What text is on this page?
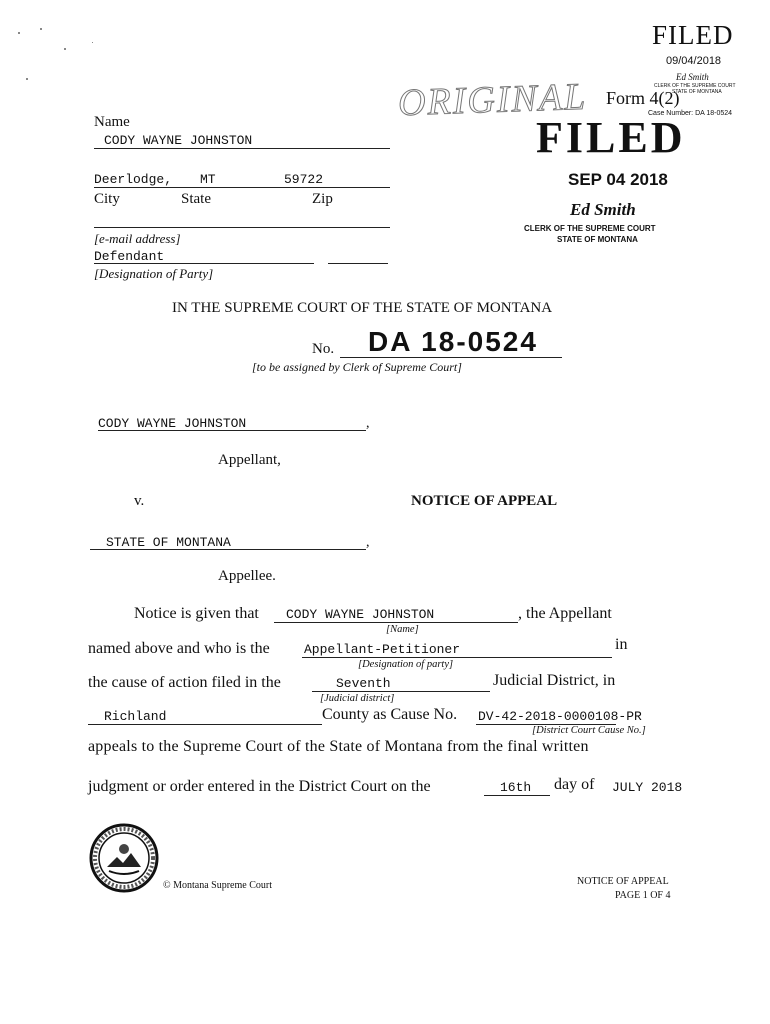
FILED
09/04/2018
Ed Smith
CLERK OF THE SUPREME COURT
STATE OF MONTANA
Case Number: DA 18-0524
ORIGINAL Form 4(2)
FILED
SEP 04 2018
Ed Smith
CLERK OF THE SUPREME COURT
STATE OF MONTANA
Name
CODY WAYNE JOHNSTON
Deerlodge, MT	59722
City	State	Zip
[e-mail address]
Defendant
[Designation of Party]
IN THE SUPREME COURT OF THE STATE OF MONTANA
No. DA 18-0524
[to be assigned by Clerk of Supreme Court]
CODY WAYNE JOHNSTON	,
Appellant,
v.	NOTICE OF APPEAL
STATE OF MONTANA	,
Appellee.
Notice is given that CODY WAYNE JOHNSTON	, the Appellant
[Name]
named above and who is the	Appellant-Petitioner	in
[Designation of party]
the cause of action filed in the	Seventh	Judicial District, in
[Judicial district]
Richland	County as Cause No. DV-42-2018-0000108-PR
[District Court Cause No.]
appeals to the Supreme Court of the State of Montana from the final written
judgment or order entered in the District Court on the	16th day of JULY 2018
© Montana Supreme Court	NOTICE OF APPEAL
PAGE 1 OF 4
